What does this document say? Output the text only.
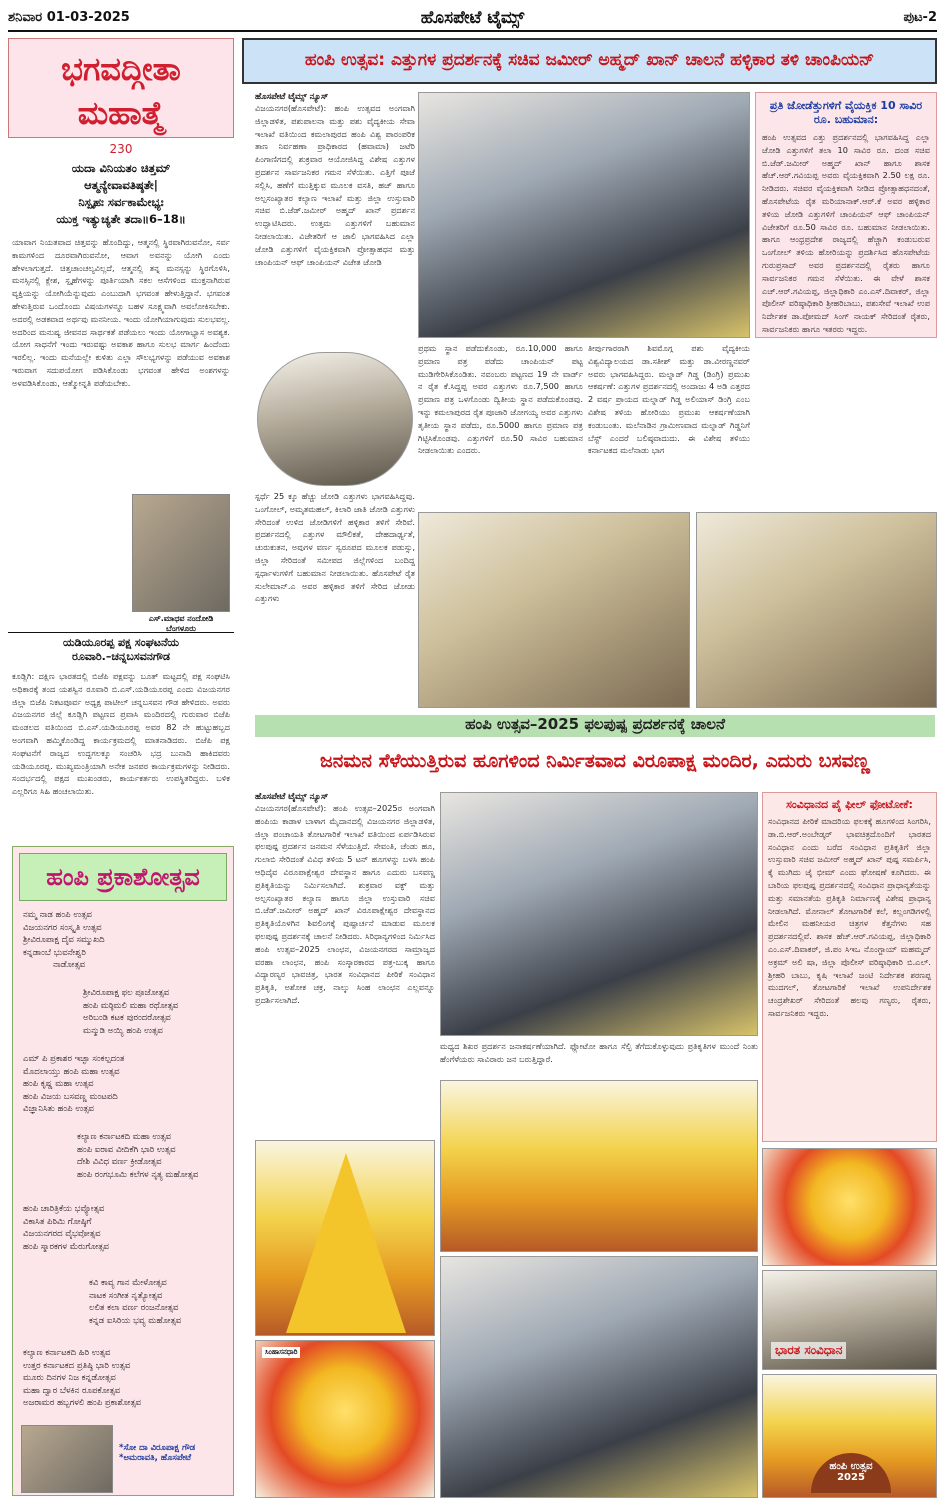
ಶನಿವಾರ 01-03-2025	ಹೊಸಪೇಟೆ ಟೈಮ್ಸ್	ಪುಟ-2
ಭಗವದ್ಗೀತಾ
ಮಹಾತ್ಮೆ
230
ಯದಾ ವಿನಿಯತಂ ಚಿತ್ತಮ್
ಆತ್ಮನ್ಯೇವಾವತಿಷ್ಠತೇ|
ನಿಸ್ಪೃಹಃ ಸರ್ವಕಾಮೇಭ್ಯಃ
ಯುಕ್ತ ಇತ್ಯುಚ್ಯತೇ ತದಾ॥6–18॥
ಯಾವಾಗ ನಿಯತವಾದ ಚಿತ್ತವನ್ನು ಹೊಂದಿದ್ದು, ಆತ್ಮನಲ್ಲಿ ಸ್ಥಿರವಾಗಿರುವನೋ, ಸರ್ವ ಕಾಮಗಳಿಂದ ದೂರವಾಗಿರುವನೋ, ಆವಾಗ ಅವನನ್ನು ಯೋಗಿ ಎಂದು ಹೇಳಲಾಗುತ್ತದೆ. ಚಿತ್ತಚಾಂಚಲ್ಯವಿಲ್ಲದೆ, ಆತ್ಮನಲ್ಲಿ ತನ್ನ ಮನಸ್ಸನ್ನು ಸ್ಥಿರಗೊಳಿಸಿ, ಮನಸ್ಸಿನಲ್ಲಿ ಕ್ಲೇಶ, ಸ್ಪೃಹೆಗಳನ್ನು ಪೂರ್ತಿಯಾಗಿ ಸಕಲ ಆಸೆಗಳಿಂದ ಮುಕ್ತನಾಗಿರುವ ವ್ಯಕ್ತಿಯನ್ನು ಯೋಗಿಯೆನ್ನುವುದು ಎಂಬುದಾಗಿ ಭಗವಂತ ಹೇಳುತ್ತಿದ್ದಾನೆ. ಭಗವಂತ ಹೇಳುತ್ತಿರುವ ಒಂದೊಂದು ವಿಷಯಗಳನ್ನೂ ಬಹಳ ಸೂಕ್ಷ್ಮವಾಗಿ ಅವಲೋಕಿಸಬೇಕು. ಅದರಲ್ಲಿ ಅಡಕವಾದ ಅರ್ಥವು ಮನನೀಯ. ಇಂದು ಯೋಗಿಯಾಗುವುದು ಸುಲಭವಲ್ಲ. ಅದರಿಂದ ಮನುಷ್ಯ ಜೀವನದ ಸಾರ್ಥಕತೆ ಪಡೆಯಲು ಇಂದು ಯೋಗಾಭ್ಯಾಸ ಅವಶ್ಯಕ. ಯೋಗ ಸಾಧನೆಗೆ ಇಂದು ಇರುವಷ್ಟು ಅವಕಾಶ ಹಾಗೂ ಸುಲಭ ಮಾರ್ಗ ಹಿಂದೆಂದು ಇರಲಿಲ್ಲ. ಇಂದು ಮನೆಯಲ್ಲೇ ಕುಳಿತು ಎಲ್ಲಾ ಸೌಲಭ್ಯಗಳನ್ನು ಪಡೆಯುವ ಅವಕಾಶ ಇರುವಾಗ ಸದುಪಯೋಗ ಪಡಿಸಿಕೊಂಡು ಭಗವಂತ ಹೇಳಿದ ಅಂಶಗಳನ್ನು ಅಳವಡಿಸಿಕೊಂಡು, ಆತ್ಮೋನ್ನತಿ ಪಡೆಯಬೇಕು.
ಎಸ್.ಮಾಧವ ನಂದೋಡಿ
ಬೆಂಗಳೂರು
ಯಡಿಯೂರಪ್ಪ ಪಕ್ಷ ಸಂಘಟನೆಯ
ರೂವಾರಿ.–ಚನ್ನಬಸವನಗೌಡ
ಕೂಡ್ಲಿಗಿ: ದಕ್ಷಿಣ ಭಾರತದಲ್ಲಿ ಬಿಜೆಪಿ ಪಕ್ಷವನ್ನು ಬೂತ್ ಮಟ್ಟದಲ್ಲಿ ಪಕ್ಷ ಸಂಘಟಿಸಿ ಅಧಿಕಾರಕ್ಕೆ ತಂದ ಯಶಸ್ವಿನ ರೂವಾರಿ ಬಿ.ಎಸ್.ಯಡಿಯೂರಪ್ಪ ಎಂದು ವಿಜಯನಗರ ಜಿಲ್ಲಾ ಬಿಜೆಪಿ ನಿಕಟಪೂರ್ವ ಅಧ್ಯಕ್ಷ ಪಾಟೀಲ್ ಚನ್ನಬಸವನ ಗೌಡ ಹೇಳಿದರು. ಅವರು ವಿಜಯನಗರ ಜಿಲ್ಲೆ ಕೂಡ್ಲಿಗಿ ಪಟ್ಟಣದ ಪ್ರವಾಸಿ ಮಂದಿರದಲ್ಲಿ ಗುರುವಾರ ಬಿಜೆಪಿ ಮಂಡಲದ ವತಿಯಿಂದ ಬಿ.ಎಸ್.ಯಡಿಯೂರಪ್ಪ ಅವರ 82 ನೇ ಹುಟ್ಟುಹಬ್ಬದ ಅಂಗವಾಗಿ ಹಮ್ಮಿಕೊಂಡಿದ್ದ ಕಾರ್ಯಕ್ರಮದಲ್ಲಿ ಮಾತನಾಡಿದರು. ಬಿಜೆಪಿ ಪಕ್ಷ ಸಂಘಟನೆಗೆ ರಾಜ್ಯದ ಉದ್ದಗಲಕ್ಕೂ ಸಂಚರಿಸಿ ಭದ್ರ ಬುನಾದಿ ಹಾಕಿದವರು ಯಡಿಯೂರಪ್ಪ. ಮುಖ್ಯಮಂತ್ರಿಯಾಗಿ ಅನೇಕ ಜನಪರ ಕಾರ್ಯಕ್ರಮಗಳನ್ನು ನೀಡಿದರು. ಸಂದರ್ಭದಲ್ಲಿ ಪಕ್ಷದ ಮುಖಂಡರು, ಕಾರ್ಯಕರ್ತರು ಉಪಸ್ಥಿತರಿದ್ದರು. ಬಳಿಕ ಎಲ್ಲರಿಗೂ ಸಿಹಿ ಹಂಚಲಾಯಿತು.
ಹಂಪಿ ಪ್ರಕಾಶೋತ್ಸವ
ನಮ್ಮ ನಾಡ ಹಂಪಿ ಉತ್ಸವ
ವಿಜಯನಗರ ಸಂಸ್ಕೃತಿ ಉತ್ಸವ
ಶ್ರೀವಿರೂಪಾಕ್ಷ ದೈವ ಸಮ್ಮುಖದಿ
ಕನ್ನಡಾಂಬೆ ಭುವನೇಶ್ವರಿ
ನಾಡೋತ್ಸವ
ಶ್ರೀವಿರೂಪಾಕ್ಷ ಫಲ ಪೂಜೋತ್ಸವ
ಹಂಪಿ ಮಠ್ಠಿಮಲಿ ಮಹಾ ರಥೋತ್ಸವ
ಅರಿಬಂಡಿ ಕಟಕ ಪುರಂದರೋತ್ಸವ
ಮನ್ಮುಡಿ ಅಯ್ಯಿ ಹಂಪಿ ಉತ್ಸವ
ಎಮ್ ಪಿ ಪ್ರಕಾಶರ ಇಚ್ಛಾ ಸಂಕಲ್ಪದಂತ
ಮೊದಲಾಯ್ತು ಹಂಪಿ ಮಹಾ ಉತ್ಸವ
ಹಂಪಿ ಕೃಷ್ಣ ಮಹಾ ಉತ್ಸವ
ಹಂಪಿ ವಿಜಯ ಬಸವಣ್ಣ ಮಂಟಪದಿ
ವಿಜ್ಞಾನಿಸಿತು ಹಂಪಿ ಉತ್ಸವ
ಕಲ್ಯಾಣ ಕರ್ನಾಟಕದಿ ಮಹಾ ಉತ್ಸವ
ಹಂಪಿ ಐರಾವ ವೀದಿಕೆಗಿ ಭಾರಿ ಉತ್ಸವ
ದೇಶಿ ವಿವಿಧ ವರ್ಣ ಕ್ರೀಡೋತ್ಸವ
ಹಂಪಿ ರಂಗಭೂಮಿ ಕಲೆಗಳ ನೃತ್ಯ ಮಹೋತ್ಸವ
ಹಂಪಿ ಚಾರಿತ್ರಿಕೆಯ ಭವ್ಯೋತ್ಸವ
ವಿಕಾಸಿತ ಪಿಠಿಮಿ ಗೋಷ್ಠಿಗೆ
ವಿಜಯನಗರದ ವೈಭವೋತ್ಸವ
ಹಂಪಿ ಸ್ಮಾರಕಗಳ ಮೆರುಗೋತ್ಸವ
ಕವಿ ಕಾವ್ಯ ಗಾನ ಮೇಳೋತ್ಸವ
ನಾಟಕ ಸಂಗೀತ ನೃತ್ಯೋತ್ಸವ
ಲಲಿತ ಕಲಾ ವರ್ಣ ರಂಜನೋತ್ಸವ
ಕನ್ನಡ ಐಸಿರಿಯ ಭವ್ಯ ಮಹೋತ್ಸವ
ಕಲ್ಯಾಣ ಕರ್ನಾಟಕದಿ ಹಿರಿ ಉತ್ಸವ
ಉತ್ತರ ಕರ್ನಾಟಕದ ಪ್ರತಿಷ್ಠಿ ಭಾರಿ ಉತ್ಸವ
ಮೂರು ದಿನಗಳ ನಿಜ ಕನ್ನಡೋತ್ಸವ
ಮಹಾ ದ್ವಾರ ಬೆಳಕಿನ ರೂಪಕೋತ್ಸವ
ಅಜರಾಮರ ಹಬ್ಬಗಳಲಿ ಹಂಪಿ ಪ್ರಕಾಶೋತ್ಸವ
*ಸೋ ದಾ ವಿರೂಪಾಕ್ಷ ಗೌಡ
*ಅಮರಾವತಿ, ಹೊಸಪೇಟೆ
ಹಂಪಿ ಉತ್ಸವ: ಎತ್ತುಗಳ ಪ್ರದರ್ಶನಕ್ಕೆ ಸಚಿವ ಜಮೀರ್ ಅಹ್ಮದ್ ಖಾನ್ ಚಾಲನೆ ಹಳ್ಳಿಕಾರ ತಳಿ ಚಾಂಪಿಯನ್
ಹೊಸಪೇಟೆ ಟೈಮ್ಸ್ ನ್ಯೂಸ್
ವಿಜಯನಗರ(ಹೊಸಪೇಟೆ): ಹಂಪಿ ಉತ್ಸವದ ಅಂಗವಾಗಿ ಜಿಲ್ಲಾಡಳಿತ, ಪಶುಪಾಲನಾ ಮತ್ತು ಪಶು ವೈದ್ಯಕೀಯ ಸೇವಾ ಇಲಾಖೆ ವತಿಯಿಂದ ಕಮಲಾಪುರದ ಹಂಪಿ ವಿಶ್ವ ಪಾರಂಪರಿಕ ತಾಣ ನಿರ್ವಹಣಾ ಪ್ರಾಧಿಕಾರದ (ಹವಾಮಾ) ಜಟೆರಿ ಪಿಂಗಾಣಿಗದಲ್ಲಿ ಶುಕ್ರವಾರ ಆಯೋಜಿಸಿದ್ದ ವಿಶೇಷ ಎತ್ತುಗಳ ಪ್ರದರ್ಶನ ಸಾರ್ವಜನಿಕರ ಗಮನ ಸೆಳೆಯಿತು. ಎತ್ತಿಗೆ ಪೂಜೆ ಸಲ್ಲಿಸಿ, ಹಣೆಗೆ ಮುತ್ತಿಕ್ಕುವ ಮೂಲಕ ವಸತಿ, ಹಜ್ ಹಾಗೂ ಅಲ್ಪಸಂಖ್ಯಾತರ ಕಲ್ಯಾಣ ಇಲಾಖೆ ಮತ್ತು ಜಿಲ್ಲಾ ಉಸ್ತುವಾರಿ ಸಚಿವ ಬಿ.ಜೆಡ್.ಜಮೀರ್ ಅಹ್ಮದ್ ಖಾನ್ ಪ್ರದರ್ಶನ ಉದ್ಘಾಟಿಸಿದರು. ಉತ್ತಮ ಎತ್ತುಗಳಿಗೆ ಬಹುಮಾನ ನೀಡಲಾಯಿತು. ವಿಜೇತರಿಗೆ ಆ ಜಾಲಿ ಭಾಗವಹಿಸಿದ ಎಲ್ಲಾ ಜೋಡಿ ಎತ್ತುಗಳಿಗೆ ವೈಯಕ್ತಿಕವಾಗಿ ಪ್ರೋತ್ಸಾಹಧನ ಮತ್ತು ಚಾಂಪಿಯನ್ ಆಫ್ ಚಾಂಪಿಯನ್ ವಿಜೇತ ಜೋಡಿ
ಪ್ರಥಮ ಸ್ಥಾನ ಪಡೆದುಕೊಂಡು, ರೂ.10,000 ಹಾಗೂ ಪ್ರಮಾಣ ಪತ್ರ ಪಡೆದು ಚಾಂಪಿಯನ್ ಪಟ್ಟ ಮುಡಿಗೇರಿಸಿಕೊಂಡಿತು. ನವಂಬರು ಪಟ್ಟಣದ 19 ನೇ ವಾರ್ಡ್ ನ ರೈತ ಕೆ.ಸಿದ್ದಪ್ಪ ಅವರ ಎತ್ತುಗಳು ರೂ.7,500 ಹಾಗೂ ಪ್ರಮಾಣ ಪತ್ರ ಒಳಗೊಂಡು ದ್ವಿತೀಯ ಸ್ಥಾನ ಪಡೆದುಕೊಂಡವು. ಇನ್ನು ಕಮಲಾಪುರದ ರೈತ ಪೂಜಾರಿ ಜೋಗಯ್ಯ ಅವರ ಎತ್ತುಗಳು ತೃತೀಯ ಸ್ಥಾನ ಪಡೆದು, ರೂ.5000 ಹಾಗೂ ಪ್ರಮಾಣ ಪತ್ರ ಗಿಟ್ಟಿಸಿಕೊಂಡವು. ಎತ್ತುಗಳಿಗೆ ರೂ.50 ಸಾವಿರ ಬಹುಮಾನ ನೀಡಲಾಯಿತು ಎಂದರು.
ತೀರ್ಪುಗಾರರಾಗಿ ಶಿವಮೊಗ್ಗ ಪಶು ವೈದ್ಯಕೀಯ ವಿಶ್ವವಿದ್ಯಾಲಯದ ಡಾ.ಸತೀಶ್ ಮತ್ತು ಡಾ.ವೀರಣ್ಣನವರ್ ಅವರು ಭಾಗವಹಿಸಿದ್ದರು. ಮಲ್ನಾಡ್ ಗಿಡ್ಡ (ಡಿಂಗ್ರಿ) ಪ್ರಮುಖ ಆಕರ್ಷಣೆ: ಎತ್ತುಗಳ ಪ್ರದರ್ಶನದಲ್ಲಿ ಅಂದಾಜು 4 ಅಡಿ ಎತ್ತರದ 2 ವರ್ಷ ಪ್ರಾಯದ ಮಲ್ನಾಡ್ ಗಿಡ್ಡ ಅಲಿಯಾಸ್ ಡಿಂಗ್ರಿ ಎಂಬ ವಿಶೇಷ ತಳಿಯ ಹೋರಿಯು ಪ್ರಮುಖ ಆಕರ್ಷಣೆಯಾಗಿ ಕಂಡುಬಂತು. ಮಲೆನಾಡಿನ ಗ್ರಾಮೀಣವಾದ ಮಲ್ನಾಡ್ ಗಿಡ್ಡನಿಗೆ ಬೆಸ್ಟ್ ಎಂದರೆ ಬಲಿಷ್ಠವಾದುದು. ಈ ವಿಶೇಷ ತಳಿಯು ಕರ್ನಾಟಕದ ಮಲೆನಾಡು ಭಾಗ
ಸ್ಪರ್ಧೆ 25 ಕ್ಕೂ ಹೆಚ್ಚು ಜೋಡಿ ಎತ್ತುಗಳು ಭಾಗವಹಿಸಿದ್ದವು. ಒಂಗೋಲ್, ಅಮೃತಮಹಲ್, ಕಿಲಾರಿ ಜಾತಿ ಜೋಡಿ ಎತ್ತುಗಳು ಸೇರಿದಂತೆ ಉಳಿದ ಜೋಡಿಗಳಿಗೆ ಹಳ್ಳಿಕಾರ ತಳಿಗೆ ಸೇರಿವೆ. ಪ್ರದರ್ಶನದಲ್ಲಿ ಎತ್ತುಗಳ ಮೌಲಿಕತೆ, ದೇಹದಾರ್ಢ್ಯತೆ, ಚುರುಕುತನ, ಅವುಗಳ ವರ್ಣ ಸ್ವರೂಪದ ಮೂಲಕ ಪಡುಸ್ಸು, ಜಿಲ್ಲಾ ಸೇರಿದಂತೆ ಸಮೀಪದ ಜಿಲ್ಲೆಗಳಿಂದ ಬಂದಿದ್ದ ಸ್ಪರ್ಧಾಳುಗಳಿಗೆ ಬಹುಮಾನ ನೀಡಲಾಯಿತು. ಹೊಸಪೇಟೆ ರೈತ ಸುಲೇಮಾನ್.ಎ ಅವರ ಹಳ್ಳಿಕಾರ ತಳಿಗೆ ಸೇರಿದ ಜೋಡು ಎತ್ತುಗಳು
ಪ್ರತಿ ಜೋಡೆತ್ತುಗಳಿಗೆ ವೈಯಕ್ತಿಕ 10 ಸಾವಿರ ರೂ. ಬಹುಮಾನ:
ಹಂಪಿ ಉತ್ಸವದ ಎತ್ತು ಪ್ರದರ್ಶನದಲ್ಲಿ ಭಾಗವಹಿಸಿದ್ದ ಎಲ್ಲಾ ಜೋಡಿ ಎತ್ತುಗಳಿಗೆ ತಲಾ 10 ಸಾವಿರ ರೂ. ದಂಡ ಸಚಿವ ಬಿ.ಜೆಡ್.ಜಮೀರ್ ಅಹ್ಮದ್ ಖಾನ್ ಹಾಗೂ ಶಾಸಕ ಹೆಚ್.ಆರ್.ಗವಿಯಪ್ಪ ಅವರು ವೈಯಕ್ತಿಕವಾಗಿ 2.50 ಲಕ್ಷ ರೂ. ನೀಡಿದರು. ಸಚಿವರ ವೈಯಕ್ತಿಕವಾಗಿ ನೀಡಿದ ಪ್ರೋತ್ಸಾಹಧನದಂತೆ, ಹೊಸಪೇಟೆಯ ರೈತ ಮರಿಯಾನಾಕ್.ಆರ್.ಕೆ ಅವರ ಹಳ್ಳಿಕಾರ ತಳಿಯ ಜೋಡಿ ಎತ್ತುಗಳಿಗೆ ಚಾಂಪಿಯನ್ ಆಫ್ ಚಾಂಪಿಯನ್ ವಿಜೇತರಿಗೆ ರೂ.50 ಸಾವಿರ ರೂ. ಬಹುಮಾನ ನೀಡಲಾಯಿತು. ಹಾಗೂ ಆಂಧ್ರಪ್ರದೇಶ ರಾಜ್ಯದಲ್ಲಿ ಹೆಚ್ಚಾಗಿ ಕಂಡುಬರುವ ಒಂಗೋಲ್ ತಳಿಯ ಹೋರಿಯನ್ನು ಪ್ರದರ್ಶಿಸಿದ ಹೊಸಪೇಟೆಯ ಗುರುಪ್ರಸಾದ್ ಅವರ ಪ್ರದರ್ಶನದಲ್ಲಿ ರೈತರು ಹಾಗೂ ಸಾರ್ವಜನಿಕರ ಗಮನ ಸೆಳೆಯಿತು. ಈ ವೇಳೆ ಶಾಸಕ ಎಚ್.ಆರ್.ಗವಿಯಪ್ಪ, ಜಿಲ್ಲಾಧಿಕಾರಿ ಎಂ.ಎಸ್.ದಿವಾಕರ್, ಜಿಲ್ಲಾ ಪೊಲೀಸ್ ವರಿಷ್ಠಾಧಿಕಾರಿ ಶ್ರೀಹರಿಬಾಬು, ಪಶುಸೇವೆ ಇಲಾಖೆ ಉಪ ನಿರ್ದೇಶಕ ಡಾ.ಪೋಮದ್ ಸಿಂಗ್ ನಾಯಕ್ ಸೇರಿದಂತೆ ರೈತರು, ಸಾರ್ವಜನಿಕರು ಹಾಗೂ ಇತರರು ಇದ್ದರು.
ಹಂಪಿ ಉತ್ಸವ–2025 ಫಲಪುಷ್ಪ ಪ್ರದರ್ಶನಕ್ಕೆ ಚಾಲನೆ
ಜನಮನ ಸೆಳೆಯುತ್ತಿರುವ ಹೂಗಳಿಂದ ನಿರ್ಮಿತವಾದ ವಿರೂಪಾಕ್ಷ ಮಂದಿರ, ಎದುರು ಬಸವಣ್ಣ
ಹೊಸಪೇಟೆ ಟೈಮ್ಸ್ ನ್ಯೂಸ್
ವಿಜಯನಗರ(ಹೊಸಪೇಟೆ): ಹಂಪಿ ಉತ್ಸವ–2025ರ ಅಂಗವಾಗಿ ಹಂಪಿಯ ಕಾಡಾಳ ಬಾಳಾಗ ಮೈದಾನದಲ್ಲಿ ವಿಜಯನಗರ ಜಿಲ್ಲಾಡಳಿತ, ಜಿಲ್ಲಾ ಪಂಚಾಯತಿ ತೋಟಗಾರಿಕೆ ಇಲಾಖೆ ವತಿಯಿಂದ ಏರ್ಪಡಿಸಿರುವ ಫಲಪುಷ್ಪ ಪ್ರದರ್ಶನ ಜನಮನ ಸೆಳೆಯುತ್ತಿದೆ. ಸೇವಂತಿ, ಚೆಂಡು ಹೂ, ಗುಲಾಬಿ ಸೇರಿದಂತೆ ವಿವಿಧ ತಳಿಯ 5 ಟನ್ ಹೂಗಳನ್ನು ಬಳಸಿ ಹಂಪಿ ಆಧಿದೈವ ವಿರೂಪಾಕ್ಷೇಶ್ವರ ದೇವಸ್ಥಾನ ಹಾಗೂ ಎದುರು ಬಸವಣ್ಣ ಪ್ರತಿಕೃತಿಯನ್ನು ನಿರ್ಮಿಸಲಾಗಿದೆ. ಶುಕ್ರವಾರ ವಕ್ಫ್ ಮತ್ತು ಅಲ್ಪಸಂಖ್ಯಾತರ ಕಲ್ಯಾಣ ಹಾಗೂ ಜಿಲ್ಲಾ ಉಸ್ತುವಾರಿ ಸಚಿವ ಬಿ.ಜೆಡ್.ಜಮೀರ್ ಅಹ್ಮದ್ ಖಾನ್ ವಿರೂಪಾಕ್ಷೇಶ್ವರ ದೇವಸ್ಥಾನದ ಪ್ರತಿಕೃತಿಯೊಳಗಿನ ಶಿವಲಿಂಗಕ್ಕೆ ಪುಷ್ಪಾರ್ಚನೆ ಮಾಡುವ ಮೂಲಕ ಫಲಪುಷ್ಪ ಪ್ರದರ್ಶನಕ್ಕೆ ಚಾಲನೆ ನೀಡಿದರು. ಸಿರಿಧಾನ್ಯಗಳಿಂದ ನಿರ್ಮಿಸಿದ ಹಂಪಿ ಉತ್ಸವ–2025 ಲಾಂಛನ, ವಿಜಯನಗರದ ಸಾಮ್ರಾಜ್ಯದ ವರಹಾ ಲಾಂಛನ, ಹಂಪಿ ಸಂಸ್ಕಾರಕಾರದ ಪತ್ರ-ಬುಕ್ಕ ಹಾಗೂ ವಿದ್ಯಾರಣ್ಯರ ಭಾವಚಿತ್ರ, ಭಾರತ ಸಂವಿಧಾನದ ಪೀಠಿಕೆ ಸಂವಿಧಾನ ಪ್ರತಿಕೃತಿ, ಅಶೋಕ ಚಕ್ರ, ನಾಲ್ಕು ಸಿಂಹ ಲಾಂಛನ ಎಲ್ಲವನ್ನೂ ಪ್ರದರ್ಶಿಸಲಾಗಿದೆ.
ಮಧ್ಯದ ಶಿಖರ ಪ್ರದರ್ಶನ ಜನಾಕರ್ಷಣೆಯಾಗಿದೆ. ಫ್ಲೋಟೋ ಹಾಗೂ ಸೆಲ್ಫಿ ತೆಗೆದುಕೊಳ್ಳುವುದು ಪ್ರತಿಕೃತಿಗಳ ಮುಂದೆ ನಿಂತು ಹೆಂಗೆಳೆಯರು ಸಾವಿರಾರು ಜನ ಬರುತ್ತಿದ್ದಾರೆ.
ಸಂವಿಧಾನದ ಪೈ ಫೀಲ್ ಫೋಟೋಕೆ:
ಸಂವಿಧಾನದ ಪೀಠಿಕೆ ಮಾದರಿಯ ಫಲಕಕ್ಕೆ ಹೂಗಳಿಂದ ಸಿಂಗರಿಸಿ, ಡಾ.ಬಿ.ಆರ್.ಅಂಬೇಡ್ಕರ್ ಭಾವಚಿತ್ರದೊಂದಿಗೆ ಭಾರತದ ಸಂವಿಧಾನ ಎಂದು ಬರೆದ ಸಂವಿಧಾನ ಪ್ರತಿಕೃತಿಗೆ ಜಿಲ್ಲಾ ಉಸ್ತುವಾರಿ ಸಚಿವ ಜಮೀರ್ ಅಹ್ಮದ್ ಖಾನ್ ಪುಷ್ಪ ಸಮರ್ಪಿಸಿ, ಕೈ ಮುಗಿದು ಜೈ ಭೀಮ್ ಎಂದು ಘೋಷಣೆ ಕೂಗಿದರು. ಈ ಬಾರಿಯ ಫಲಪುಷ್ಪ ಪ್ರದರ್ಶನದಲ್ಲಿ ಸಂವಿಧಾನ ಪ್ರಾಧಾನ್ಯತೆಯನ್ನು ಮತ್ತು ಸಮಾನತೆಯ ಪ್ರತಿಕೃತಿ ನಿರ್ಮಾಣಕ್ಕೆ ವಿಶೇಷ ಪ್ರಾಧಾನ್ಯ ನೀಡಲಾಗಿದೆ. ಮೋನಾಲ್ ತೋಟಗಾರಿಕೆ ಕಲೆ, ಕಲ್ಲಂಗಡಿಗಳಲ್ಲಿ ಮೇಲಿನ ಮಹನೀಯರ ಚಿತ್ರಗಳ ಕೆತ್ತನೆಗಳು ಸಹ ಪ್ರದರ್ಶನದಲ್ಲಿವೆ. ಶಾಸಕ ಹೆಚ್.ಆರ್.ಗವಿಯಪ್ಪ, ಜಿಲ್ಲಾಧಿಕಾರಿ ಎಂ.ಎಸ್.ದಿವಾಕರ್, ಜಿ.ಪಂ ಸಿಇಒ ನೊಂಗ್ಜಾಯ್ ಮಹಮ್ಮದ್ ಅಕ್ರಮ್ ಅಲಿ ಷಾ, ಜಿಲ್ಲಾ ಪೊಲೀಸ್ ವರಿಷ್ಠಾಧಿಕಾರಿ ಬಿ.ಎಲ್. ಶ್ರೀಹರಿ ಬಾಬು, ಕೃಷಿ ಇಲಾಖೆ ಜಂಟಿ ನಿರ್ದೇಶಕ ಶರಣಪ್ಪ ಮುದಗಲ್, ತೋಟಗಾರಿಕೆ ಇಲಾಖೆ ಉಪನಿರ್ದೇಶಕ ಚಂದ್ರಶೇಖರ್ ಸೇರಿದಂತೆ ಹಲವು ಗಣ್ಯರು, ರೈತರು, ಸಾರ್ವಜನಿಕರು ಇದ್ದರು.
ಸಿಂಹಾಸನಧಾರಿ	ಭಾರತ ಸಂವಿಧಾನ
ಹಂಪಿ ಉತ್ಸವ
2025
